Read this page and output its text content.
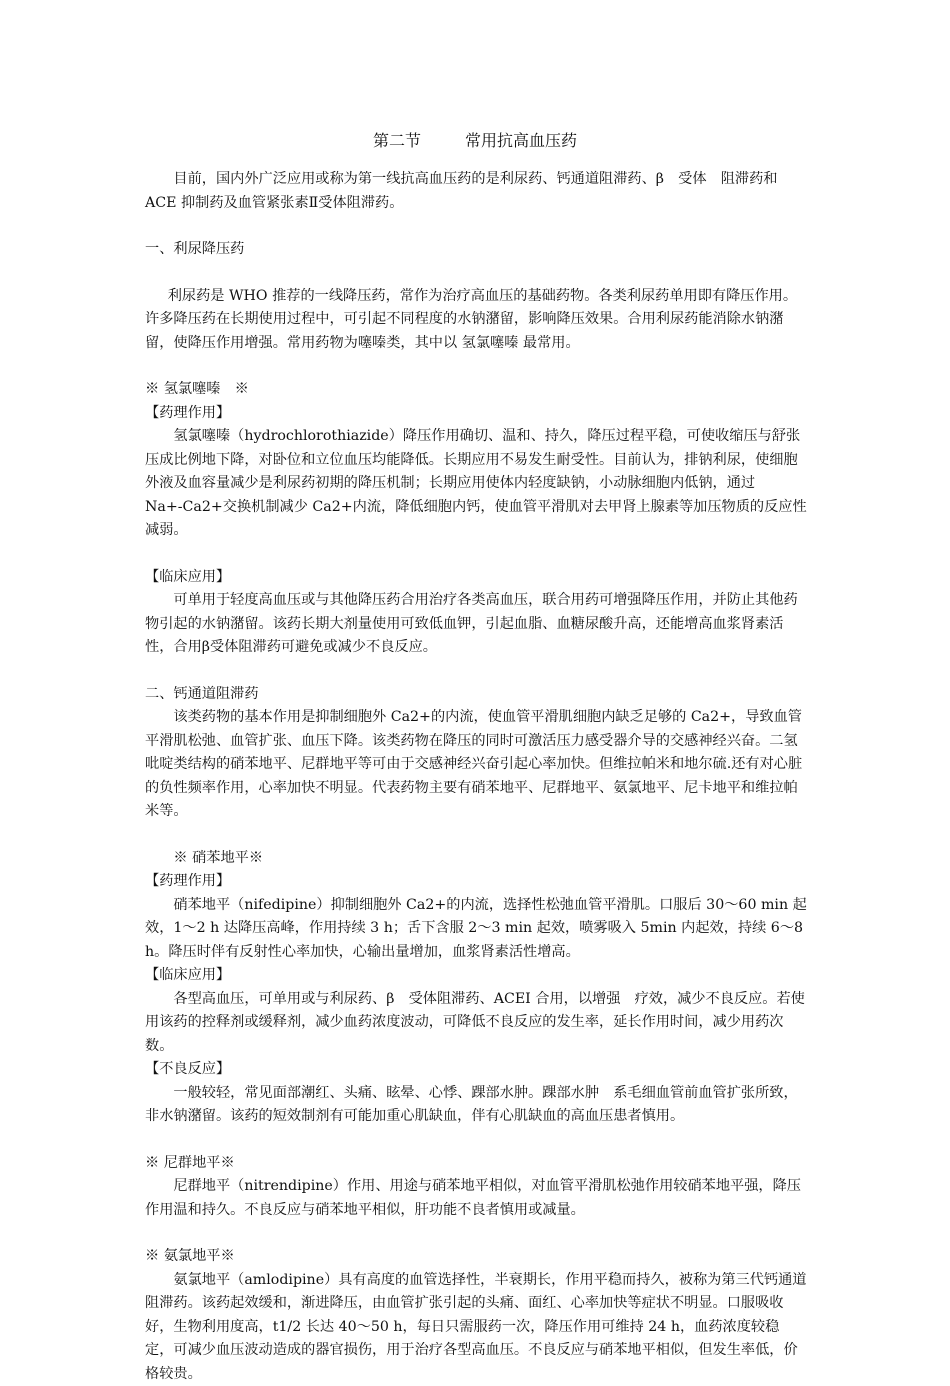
第二节	常用抗高血压药

目前，国内外广泛应用或称为第一线抗高血压药的是利尿药、钙通道阻滞药、β　受体　阻滞药和 ACE 抑制药及血管紧张素Ⅱ受体阻滞药。

一、利尿降压药

利尿药是 WHO 推荐的一线降压药，常作为治疗高血压的基础药物。各类利尿药单用即有降压作用。许多降压药在长期使用过程中，可引起不同程度的水钠潴留，影响降压效果。合用利尿药能消除水钠潴留，使降压作用增强。常用药物为噻嗪类，其中以 氢氯噻嗪 最常用。

※ 氢氯噻嗪　※

【药理作用】

氢氯噻嗪（hydrochlorothiazide）降压作用确切、温和、持久，降压过程平稳，可使收缩压与舒张压成比例地下降，对卧位和立位血压均能降低。长期应用不易发生耐受性。目前认为，排钠利尿，使细胞外液及血容量减少是利尿药初期的降压机制；长期应用使体内轻度缺钠，小动脉细胞内低钠，通过

Na+-Ca2+交换机制减少 Ca2+内流，降低细胞内钙，使血管平滑肌对去甲肾上腺素等加压物质的反应性减弱。

【临床应用】

可单用于轻度高血压或与其他降压药合用治疗各类高血压，联合用药可增强降压作用，并防止其他药物引起的水钠潴留。该药长期大剂量使用可致低血钾，引起血脂、血糖尿酸升高，还能增高血浆肾素活性，合用β受体阻滞药可避免或减少不良反应。

二、钙通道阻滞药

该类药物的基本作用是抑制细胞外 Ca2+的内流，使血管平滑肌细胞内缺乏足够的 Ca2+，导致血管平滑肌松弛、血管扩张、血压下降。该类药物在降压的同时可激活压力感受器介导的交感神经兴奋。二氢吡啶类结构的硝苯地平、尼群地平等可由于交感神经兴奋引起心率加快。但维拉帕米和地尔硫.还有对心脏的负性频率作用，心率加快不明显。代表药物主要有硝苯地平、尼群地平、氨氯地平、尼卡地平和维拉帕米等。

※ 硝苯地平※

【药理作用】

硝苯地平（nifedipine）抑制细胞外 Ca2+的内流，选择性松弛血管平滑肌。口服后 30～60 min 起效，1～2 h 达降压高峰，作用持续 3 h；舌下含服 2～3 min 起效，喷雾吸入 5min 内起效，持续 6～8 h。降压时伴有反射性心率加快，心输出量增加，血浆肾素活性增高。

【临床应用】

各型高血压，可单用或与利尿药、β　受体阻滞药、ACEI 合用，以增强　疗效，减少不良反应。若使用该药的控释剂或缓释剂，减少血药浓度波动，可降低不良反应的发生率，延长作用时间，减少用药次数。

【不良反应】

一般较轻，常见面部潮红、头痛、眩晕、心悸、踝部水肿。踝部水肿　系毛细血管前血管扩张所致，非水钠潴留。该药的短效制剂有可能加重心肌缺血，伴有心肌缺血的高血压患者慎用。

※ 尼群地平※

尼群地平（nitrendipine）作用、用途与硝苯地平相似，对血管平滑肌松弛作用较硝苯地平强，降压作用温和持久。不良反应与硝苯地平相似，肝功能不良者慎用或减量。

※ 氨氯地平※

氨氯地平（amlodipine）具有高度的血管选择性，半衰期长，作用平稳而持久，被称为第三代钙通道阻滞药。该药起效缓和，渐进降压，由血管扩张引起的头痛、面红、心率加快等症状不明显。口服吸收好，生物利用度高，t1/2 长达 40～50 h，每日只需服药一次，降压作用可维持 24 h，血药浓度较稳定，可减少血压波动造成的器官损伤，用于治疗各型高血压。不良反应与硝苯地平相似，但发生率低，价格较贵。
